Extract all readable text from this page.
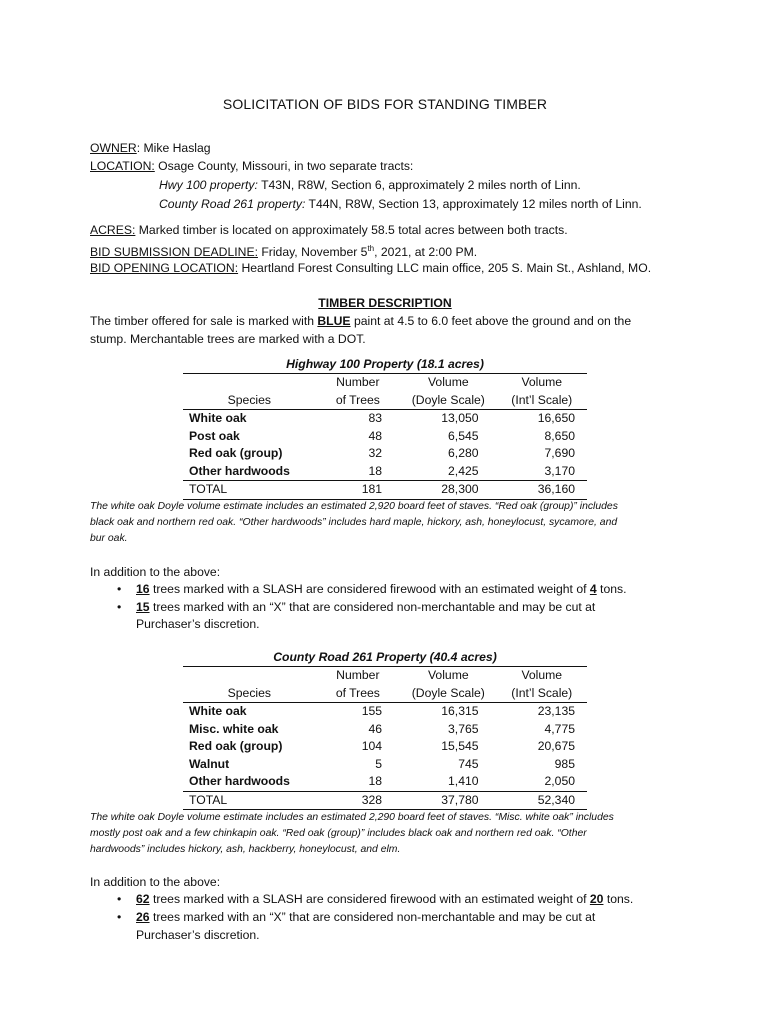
SOLICITATION OF BIDS FOR STANDING TIMBER
OWNER: Mike Haslag
LOCATION: Osage County, Missouri, in two separate tracts:
Hwy 100 property: T43N, R8W, Section 6, approximately 2 miles north of Linn.
County Road 261 property: T44N, R8W, Section 13, approximately 12 miles north of Linn.
ACRES: Marked timber is located on approximately 58.5 total acres between both tracts.
BID SUBMISSION DEADLINE: Friday, November 5th, 2021, at 2:00 PM.
BID OPENING LOCATION: Heartland Forest Consulting LLC main office, 205 S. Main St., Ashland, MO.
TIMBER DESCRIPTION
The timber offered for sale is marked with BLUE paint at 4.5 to 6.0 feet above the ground and on the
stump. Merchantable trees are marked with a DOT.
Highway 100 Property (18.1 acres)
	Number	Volume	Volume
Species	of Trees	(Doyle Scale)	(Int’l Scale)
White oak	83	13,050	16,650
Post oak	48	6,545	8,650
Red oak (group)	32	6,280	7,690
Other hardwoods	18	2,425	3,170
TOTAL	181	28,300	36,160
The white oak Doyle volume estimate includes an estimated 2,920 board feet of staves. “Red oak (group)” includes
black oak and northern red oak. “Other hardwoods” includes hard maple, hickory, ash, honeylocust, sycamore, and
bur oak.
In addition to the above:
• 16 trees marked with a SLASH are considered firewood with an estimated weight of 4 tons.
• 15 trees marked with an “X” that are considered non-merchantable and may be cut at
Purchaser’s discretion.
County Road 261 Property (40.4 acres)
	Number	Volume	Volume
Species	of Trees	(Doyle Scale)	(Int’l Scale)
White oak	155	16,315	23,135
Misc. white oak	46	3,765	4,775
Red oak (group)	104	15,545	20,675
Walnut	5	745	985
Other hardwoods	18	1,410	2,050
TOTAL	328	37,780	52,340
The white oak Doyle volume estimate includes an estimated 2,290 board feet of staves. “Misc. white oak” includes
mostly post oak and a few chinkapin oak. “Red oak (group)” includes black oak and northern red oak. “Other
hardwoods” includes hickory, ash, hackberry, honeylocust, and elm.
In addition to the above:
• 62 trees marked with a SLASH are considered firewood with an estimated weight of 20 tons.
• 26 trees marked with an “X” that are considered non-merchantable and may be cut at
Purchaser’s discretion.
